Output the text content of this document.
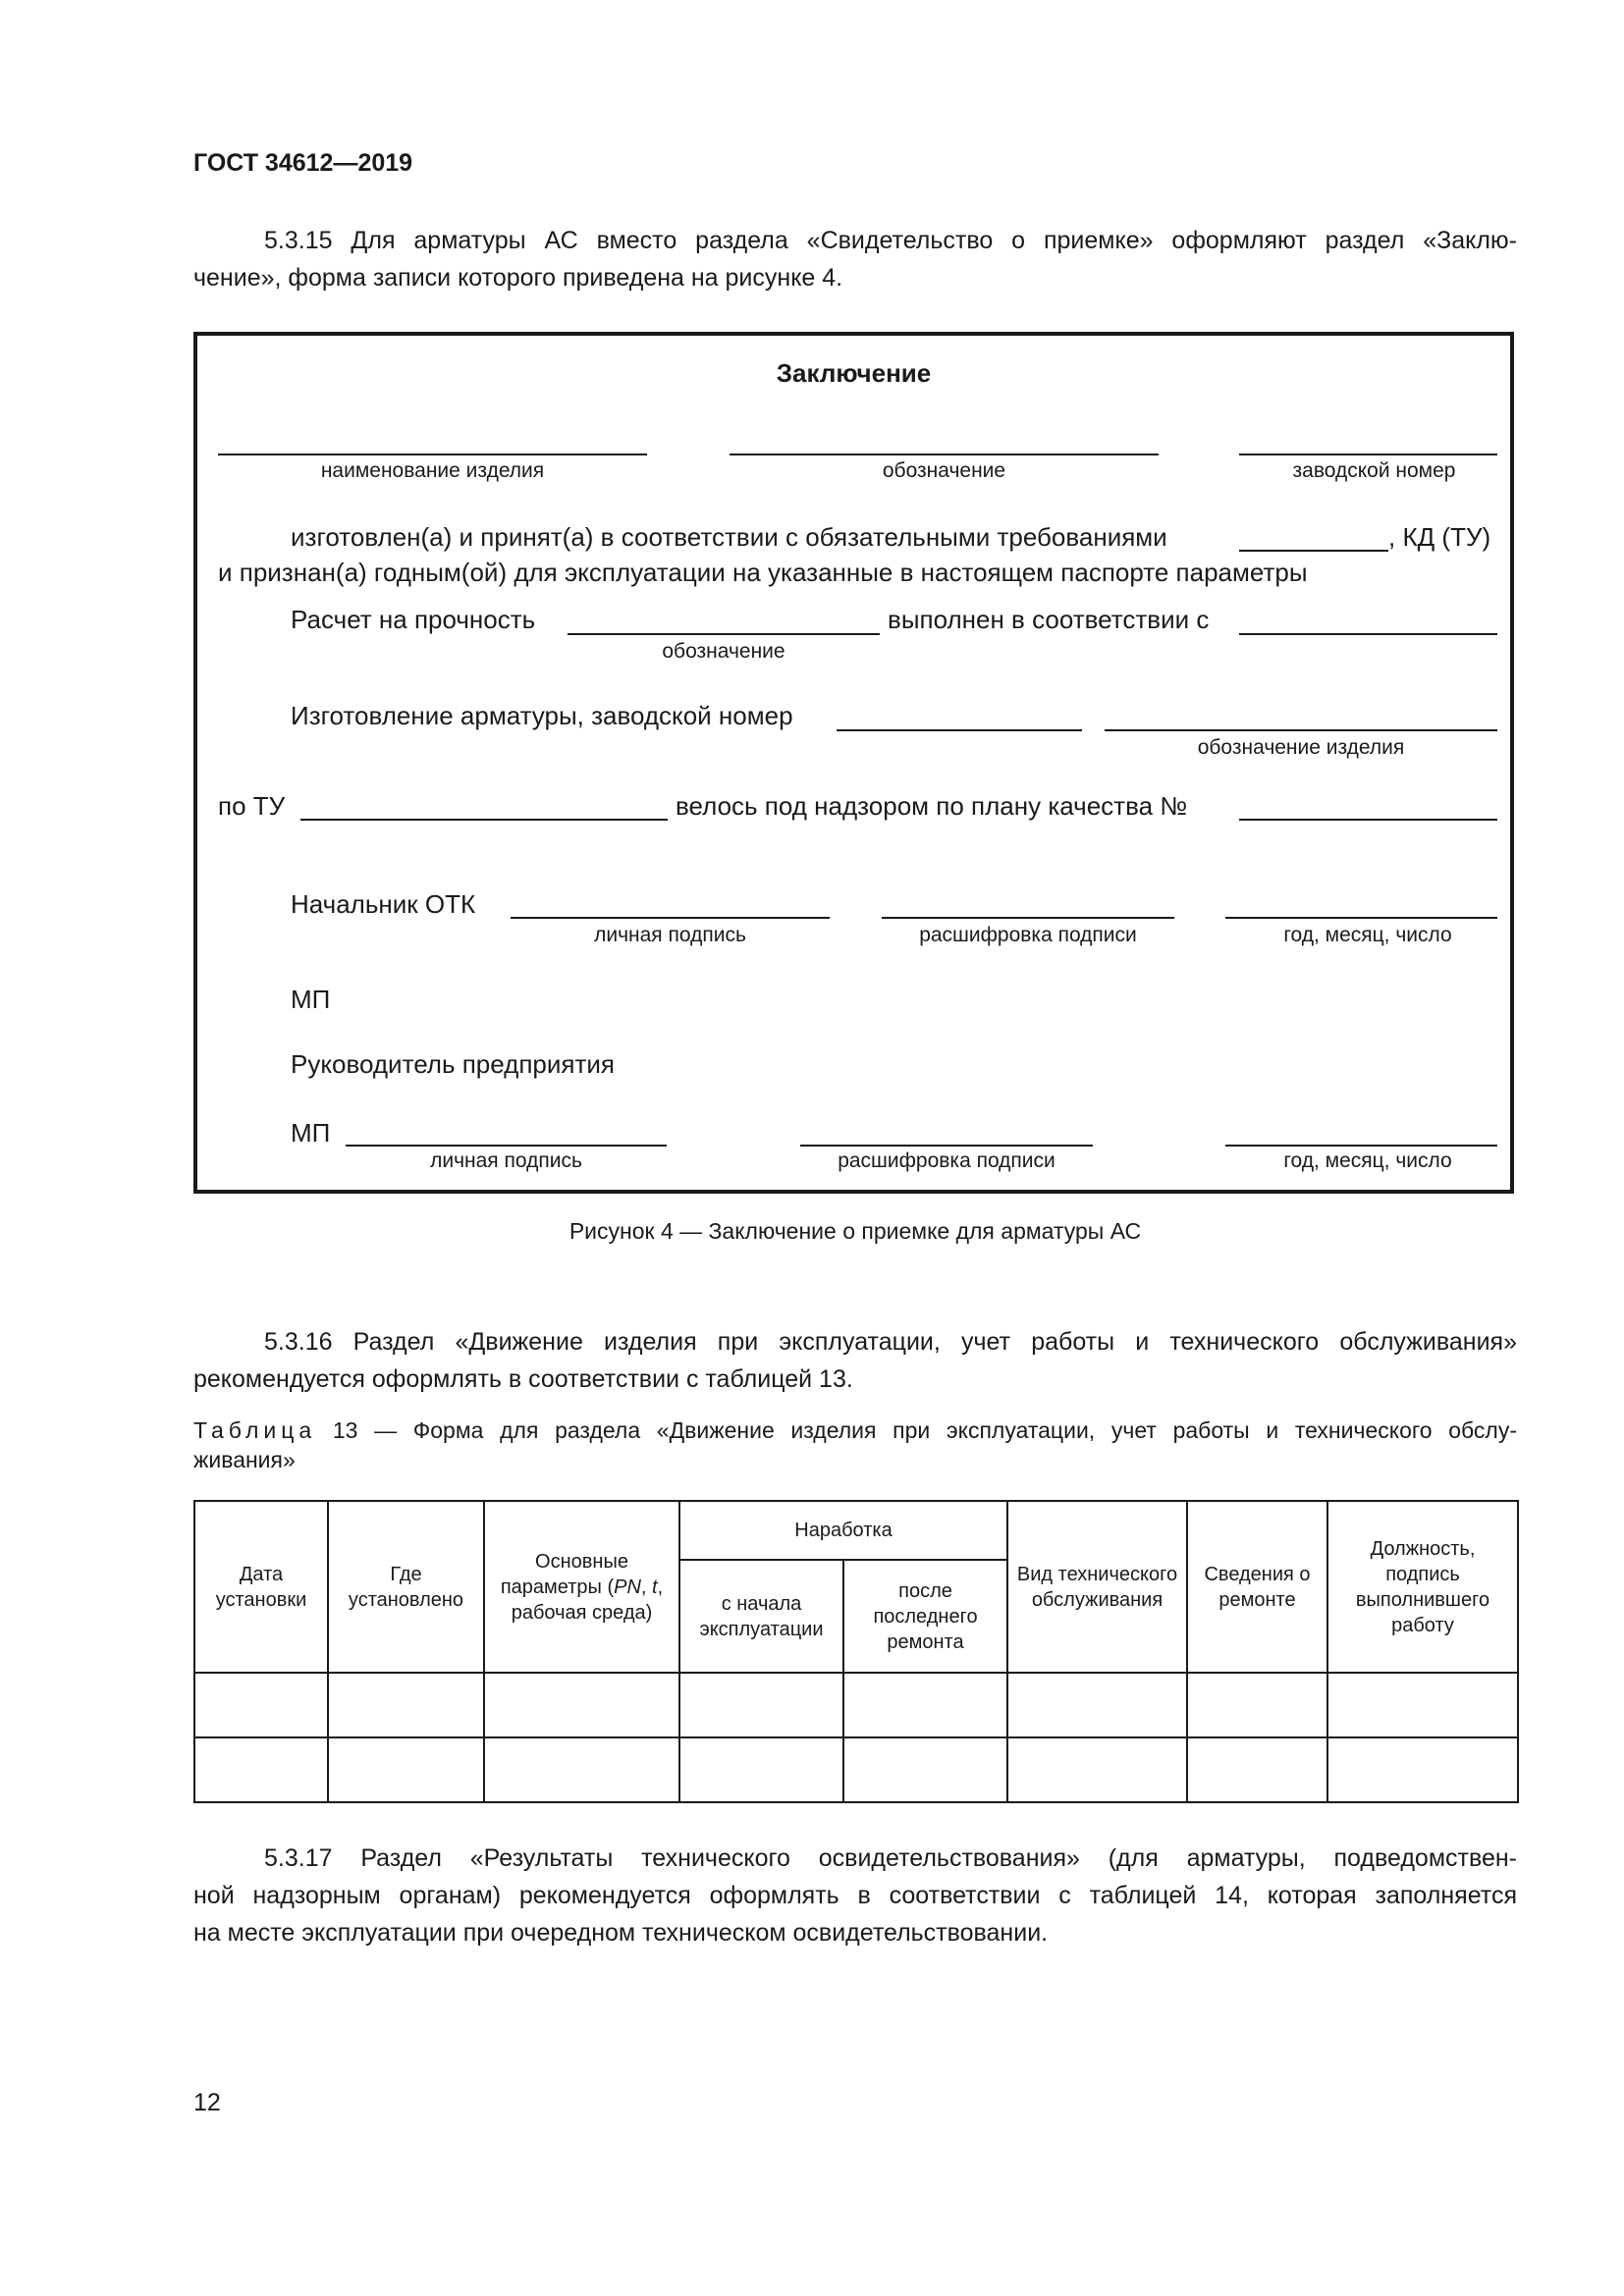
ГОСТ 34612—2019
5.3.15 Для арматуры АС вместо раздела «Свидетельство о приемке» оформляют раздел «Заклю-
чение», форма записи которого приведена на рисунке 4.
Заключение
наименование изделия	обозначение	заводской номер
изготовлен(а) и принят(а) в соответствии с обязательными требованиями	, КД (ТУ)
и признан(а) годным(ой) для эксплуатации на указанные в настоящем паспорте параметры
Расчет на прочность	выполнен в соответствии с
обозначение
Изготовление арматуры, заводской номер
обозначение изделия
по ТУ	велось под надзором по плану качества №
Начальник ОТК
личная подпись	расшифровка подписи	год, месяц, число
МП
Руководитель предприятия
МП
личная подпись	расшифровка подписи	год, месяц, число
Рисунок 4 — Заключение о приемке для арматуры АС
5.3.16 Раздел «Движение изделия при эксплуатации, учет работы и технического обслуживания»
рекомендуется оформлять в соответствии с таблицей 13.
Таблица 13 — Форма для раздела «Движение изделия при эксплуатации, учет работы и технического обслу-
живания»
Дата установки	Где установлено	Основные параметры (PN, t, рабочая среда)	Наработка		Вид технического обслуживания	Сведения о ремонте	Должность, подпись выполнившего работу
			с начала эксплуатации	после последнего ремонта			

5.3.17 Раздел «Результаты технического освидетельствования» (для арматуры, подведомствен-
ной надзорным органам) рекомендуется оформлять в соответствии с таблицей 14, которая заполняется
на месте эксплуатации при очередном техническом освидетельствовании.
12
